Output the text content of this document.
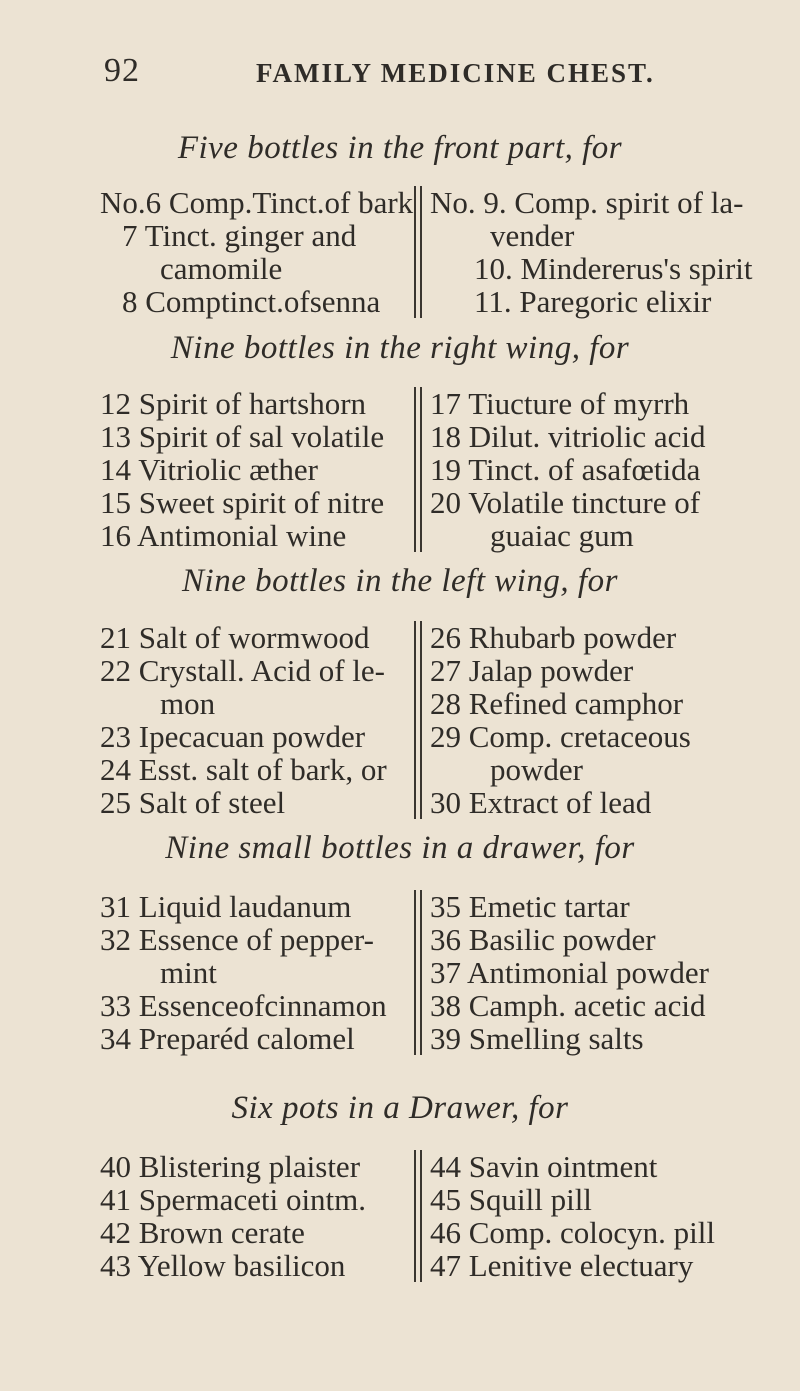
92	FAMILY MEDICINE CHEST.
Five bottles in the front part, for
No.6 Comp.Tinct.of bark
7 Tinct. ginger and
camomile
8 Comptinct.ofsenna
No. 9. Comp. spirit of la-
vender
10. Mindererus's spirit
11. Paregoric elixir
Nine bottles in the right wing, for
12 Spirit of hartshorn
13 Spirit of sal volatile
14 Vitriolic æther
15 Sweet spirit of nitre
16 Antimonial wine
17 Tiucture of myrrh
18 Dilut. vitriolic acid
19 Tinct. of asafœtida
20 Volatile tincture of
guaiac gum
Nine bottles in the left wing, for
21 Salt of wormwood
22 Crystall. Acid of le-
mon
23 Ipecacuan powder
24 Esst. salt of bark, or
25 Salt of steel
26 Rhubarb powder
27 Jalap powder
28 Refined camphor
29 Comp. cretaceous
powder
30 Extract of lead
Nine small bottles in a drawer, for
31 Liquid laudanum
32 Essence of pepper-
mint
33 Essenceofcinnamon
34 Preparéd calomel
35 Emetic tartar
36 Basilic powder
37 Antimonial powder
38 Camph. acetic acid
39 Smelling salts
Six pots in a Drawer, for
40 Blistering plaister
41 Spermaceti ointm.
42 Brown cerate
43 Yellow basilicon
44 Savin ointment
45 Squill pill
46 Comp. colocyn. pill
47 Lenitive electuary
